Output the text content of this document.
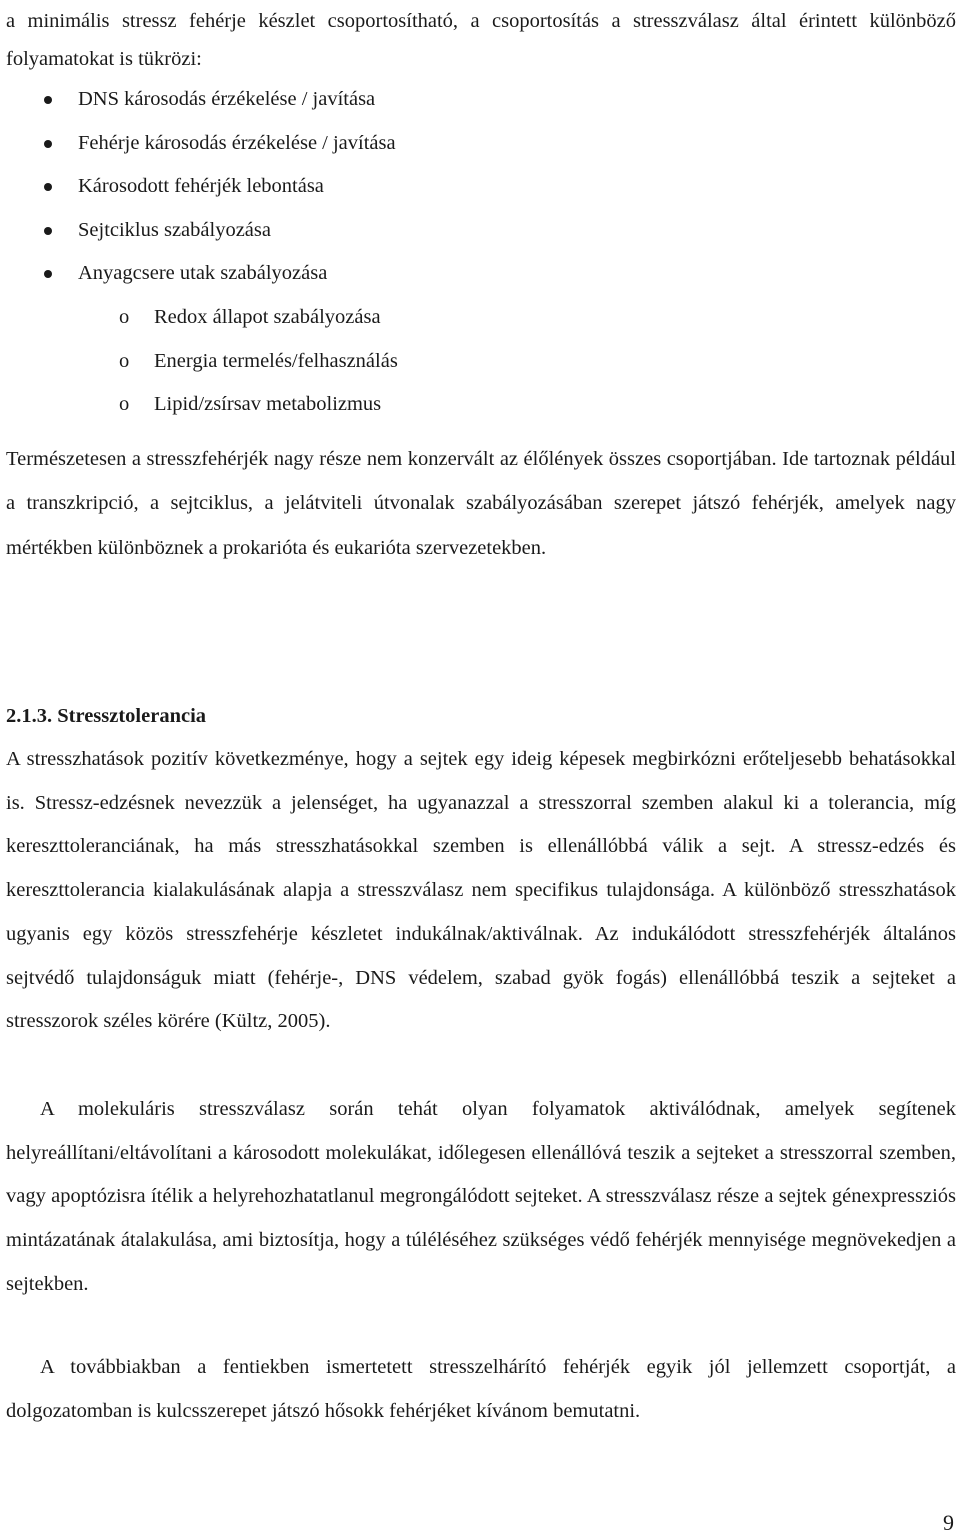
a minimális stressz fehérje készlet csoportosítható, a csoportosítás a stresszválasz által érintett különböző folyamatokat is tükrözi:

DNS károsodás érzékelése / javítása
Fehérje károsodás érzékelése / javítása
Károsodott fehérjék lebontása
Sejtciklus szabályozása
Anyagcsere utak szabályozása
o Redox állapot szabályozása
o Energia termelés/felhasználás
o Lipid/zsírsav metabolizmus

Természetesen a stresszfehérjék nagy része nem konzervált az élőlények összes csoportjában. Ide tartoznak például a transzkripció, a sejtciklus, a jelátviteli útvonalak szabályozásában szerepet játszó fehérjék, amelyek nagy mértékben különböznek a prokarióta és eukarióta szervezetekben.

2.1.3. Stressztolerancia

A stresszhatások pozitív következménye, hogy a sejtek egy ideig képesek megbirkózni erőteljesebb behatásokkal is. Stressz-edzésnek nevezzük a jelenséget, ha ugyanazzal a stresszorral szemben alakul ki a tolerancia, míg kereszttoleranciának, ha más stresszhatásokkal szemben is ellenállóbbá válik a sejt. A stressz-edzés és kereszttolerancia kialakulásának alapja a stresszválasz nem specifikus tulajdonsága. A különböző stresszhatások ugyanis egy közös stresszfehérje készletet indukálnak/aktiválnak. Az indukálódott stresszfehérjék általános sejtvédő tulajdonságuk miatt (fehérje-, DNS védelem, szabad gyök fogás) ellenállóbbá teszik a sejteket a stresszorok széles körére (Kültz, 2005).

A molekuláris stresszválasz során tehát olyan folyamatok aktiválódnak, amelyek segítenek helyreállítani/eltávolítani a károsodott molekulákat, időlegesen ellenállóvá teszik a sejteket a stresszorral szemben, vagy apoptózisra ítélik a helyrehozhatatlanul megrongálódott sejteket. A stresszválasz része a sejtek génexpressziós mintázatának átalakulása, ami biztosítja, hogy a túléléséhez szükséges védő fehérjék mennyisége megnövekedjen a sejtekben.

A továbbiakban a fentiekben ismertetett stresszelhárító fehérjék egyik jól jellemzett csoportját, a dolgozatomban is kulcsszerepet játszó hősokk fehérjéket kívánom bemutatni.

9
